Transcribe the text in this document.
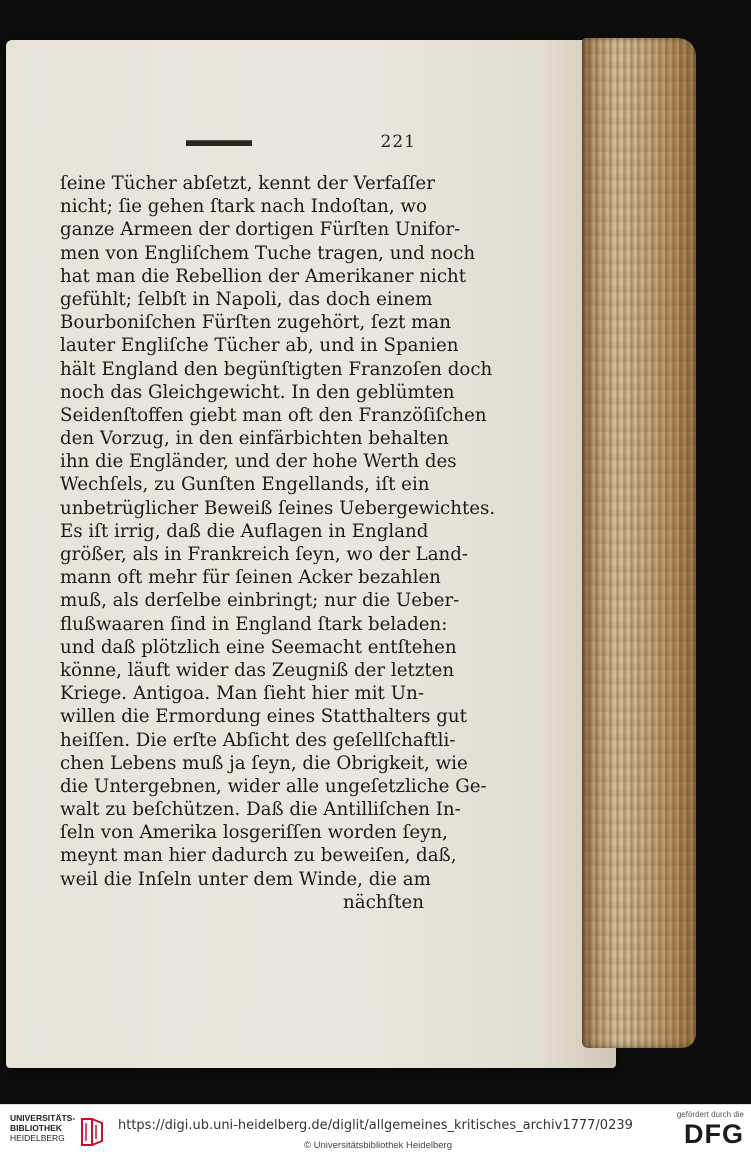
221
ſeine Tücher abſetzt, kennt der Verfaſſer
nicht; ſie gehen ſtark nach Indoſtan, wo
ganze Armeen der dortigen Fürſten Unifor-
men von Engliſchem Tuche tragen, und noch
hat man die Rebellion der Amerikaner nicht
gefühlt; ſelbſt in Napoli, das doch einem
Bourboniſchen Fürſten zugehört, ſezt man
lauter Engliſche Tücher ab, und in Spanien
hält England den begünſtigten Franzoſen doch
noch das Gleichgewicht. In den geblümten
Seidenſtoffen giebt man oft den Franzöſiſchen
den Vorzug, in den einfärbichten behalten
ihn die Engländer, und der hohe Werth des
Wechſels, zu Gunſten Engellands, iſt ein
unbetrüglicher Beweiß ſeines Uebergewichtes.
Es iſt irrig, daß die Auflagen in England
größer, als in Frankreich ſeyn, wo der Land-
mann oft mehr für ſeinen Acker bezahlen
muß, als derſelbe einbringt; nur die Ueber-
flußwaaren ſind in England ſtark beladen:
und daß plötzlich eine Seemacht entſtehen
könne, läuft wider das Zeugniß der letzten
Kriege. Antigoa. Man ſieht hier mit Un-
willen die Ermordung eines Statthalters gut
heiſſen. Die erſte Abſicht des geſellſchaftli-
chen Lebens muß ja ſeyn, die Obrigkeit, wie
die Untergebnen, wider alle ungeſetzliche Ge-
walt zu beſchützen. Daß die Antilliſchen In-
ſeln von Amerika losgeriſſen worden ſeyn,
meynt man hier dadurch zu beweiſen, daß,
weil die Inſeln unter dem Winde, die am
nächſten
UNIVERSITÄTS-
BIBLIOTHEK
HEIDELBERG
https://digi.ub.uni-heidelberg.de/diglit/allgemeines_kritisches_archiv1777/0239
© Universitätsbibliothek Heidelberg
gefördert durch die
DFG
